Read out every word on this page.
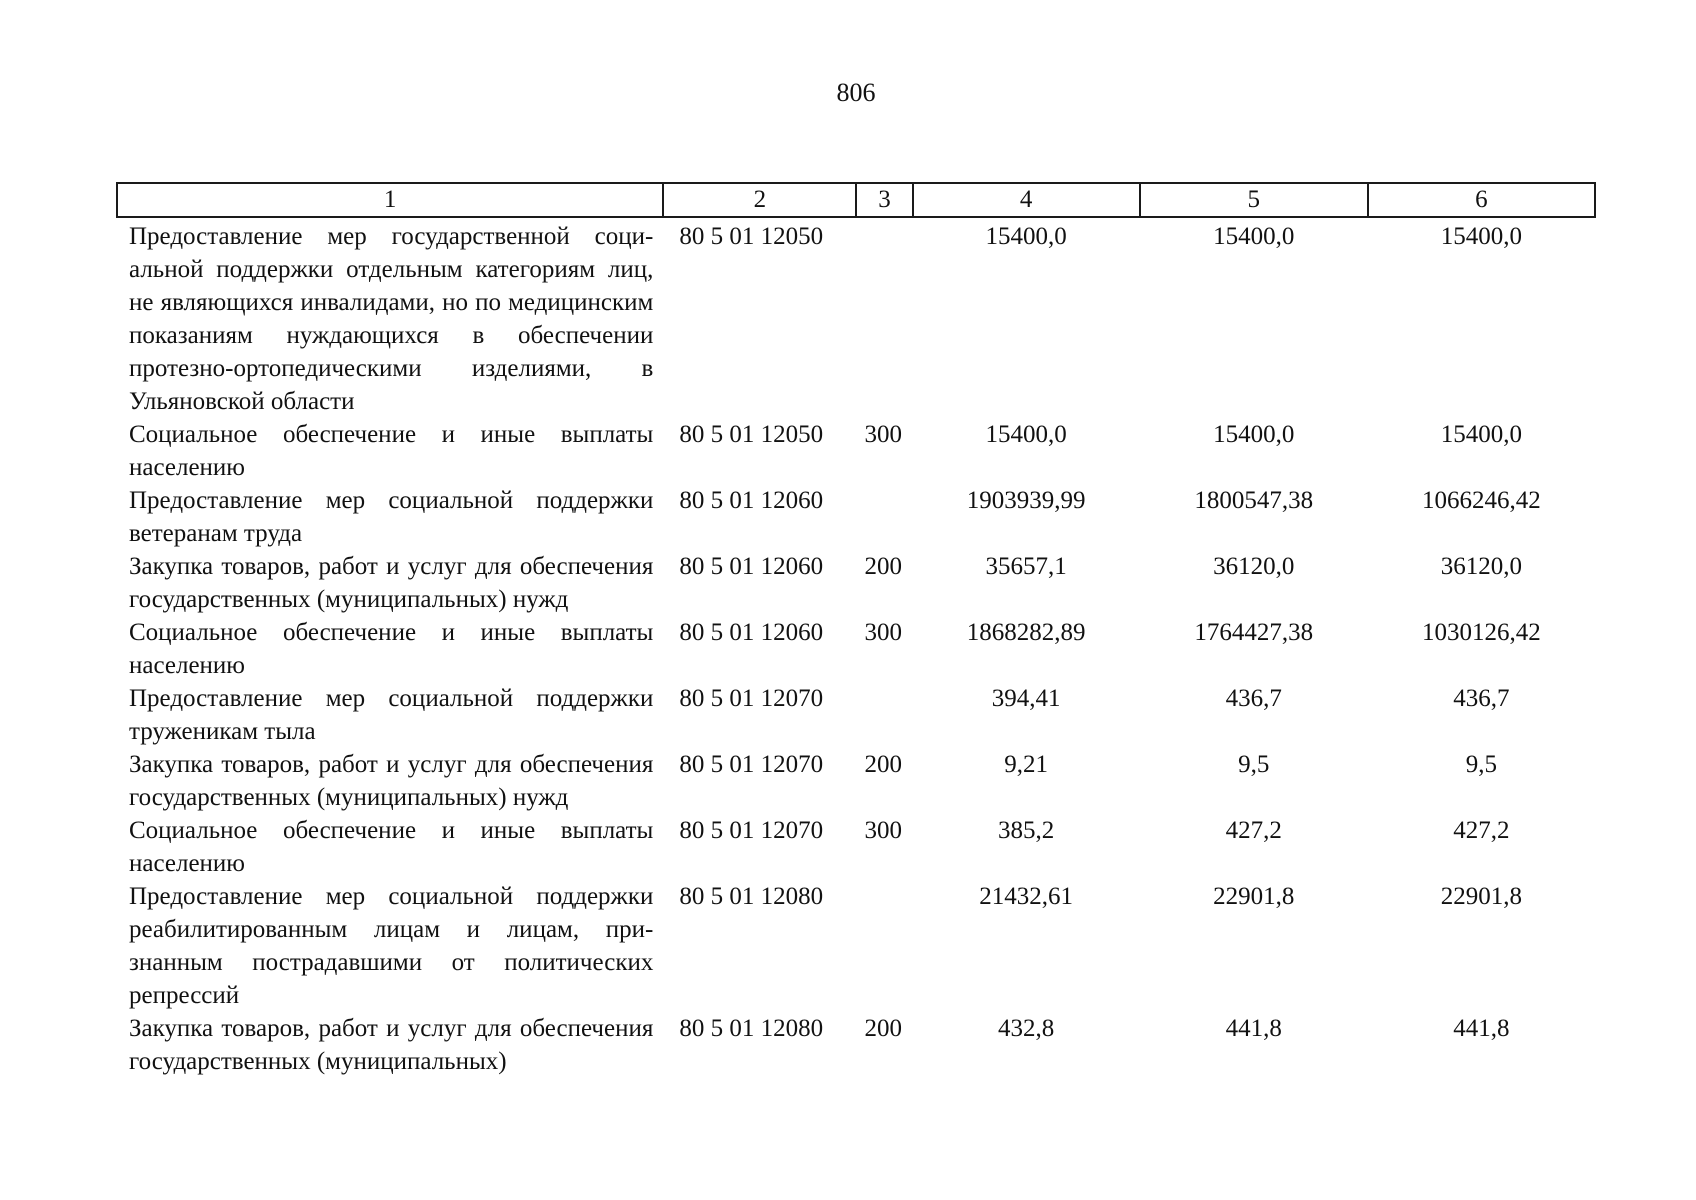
806
1	2	3	4	5	6
Предоставление мер государственной социальной поддержки отдельным категориям лиц, не являющихся инвалидами, но по медицинским показаниям нуждающихся в обеспечении протезно-ортопедическими изделиями, в Ульяновской области	80 5 01 12050		15400,0	15400,0	15400,0
Социальное обеспечение и иные выплаты населению	80 5 01 12050	300	15400,0	15400,0	15400,0
Предоставление мер социальной поддержки ветеранам труда	80 5 01 12060		1903939,99	1800547,38	1066246,42
Закупка товаров, работ и услуг для обеспечения государственных (муниципальных) нужд	80 5 01 12060	200	35657,1	36120,0	36120,0
Социальное обеспечение и иные выплаты населению	80 5 01 12060	300	1868282,89	1764427,38	1030126,42
Предоставление мер социальной поддержки труженикам тыла	80 5 01 12070		394,41	436,7	436,7
Закупка товаров, работ и услуг для обеспечения государственных (муниципальных) нужд	80 5 01 12070	200	9,21	9,5	9,5
Социальное обеспечение и иные выплаты населению	80 5 01 12070	300	385,2	427,2	427,2
Предоставление мер социальной поддержки реабилитированным лицам и лицам, признанным пострадавшими от политических репрессий	80 5 01 12080		21432,61	22901,8	22901,8
Закупка товаров, работ и услуг для обеспечения государственных (муниципальных)	80 5 01 12080	200	432,8	441,8	441,8
